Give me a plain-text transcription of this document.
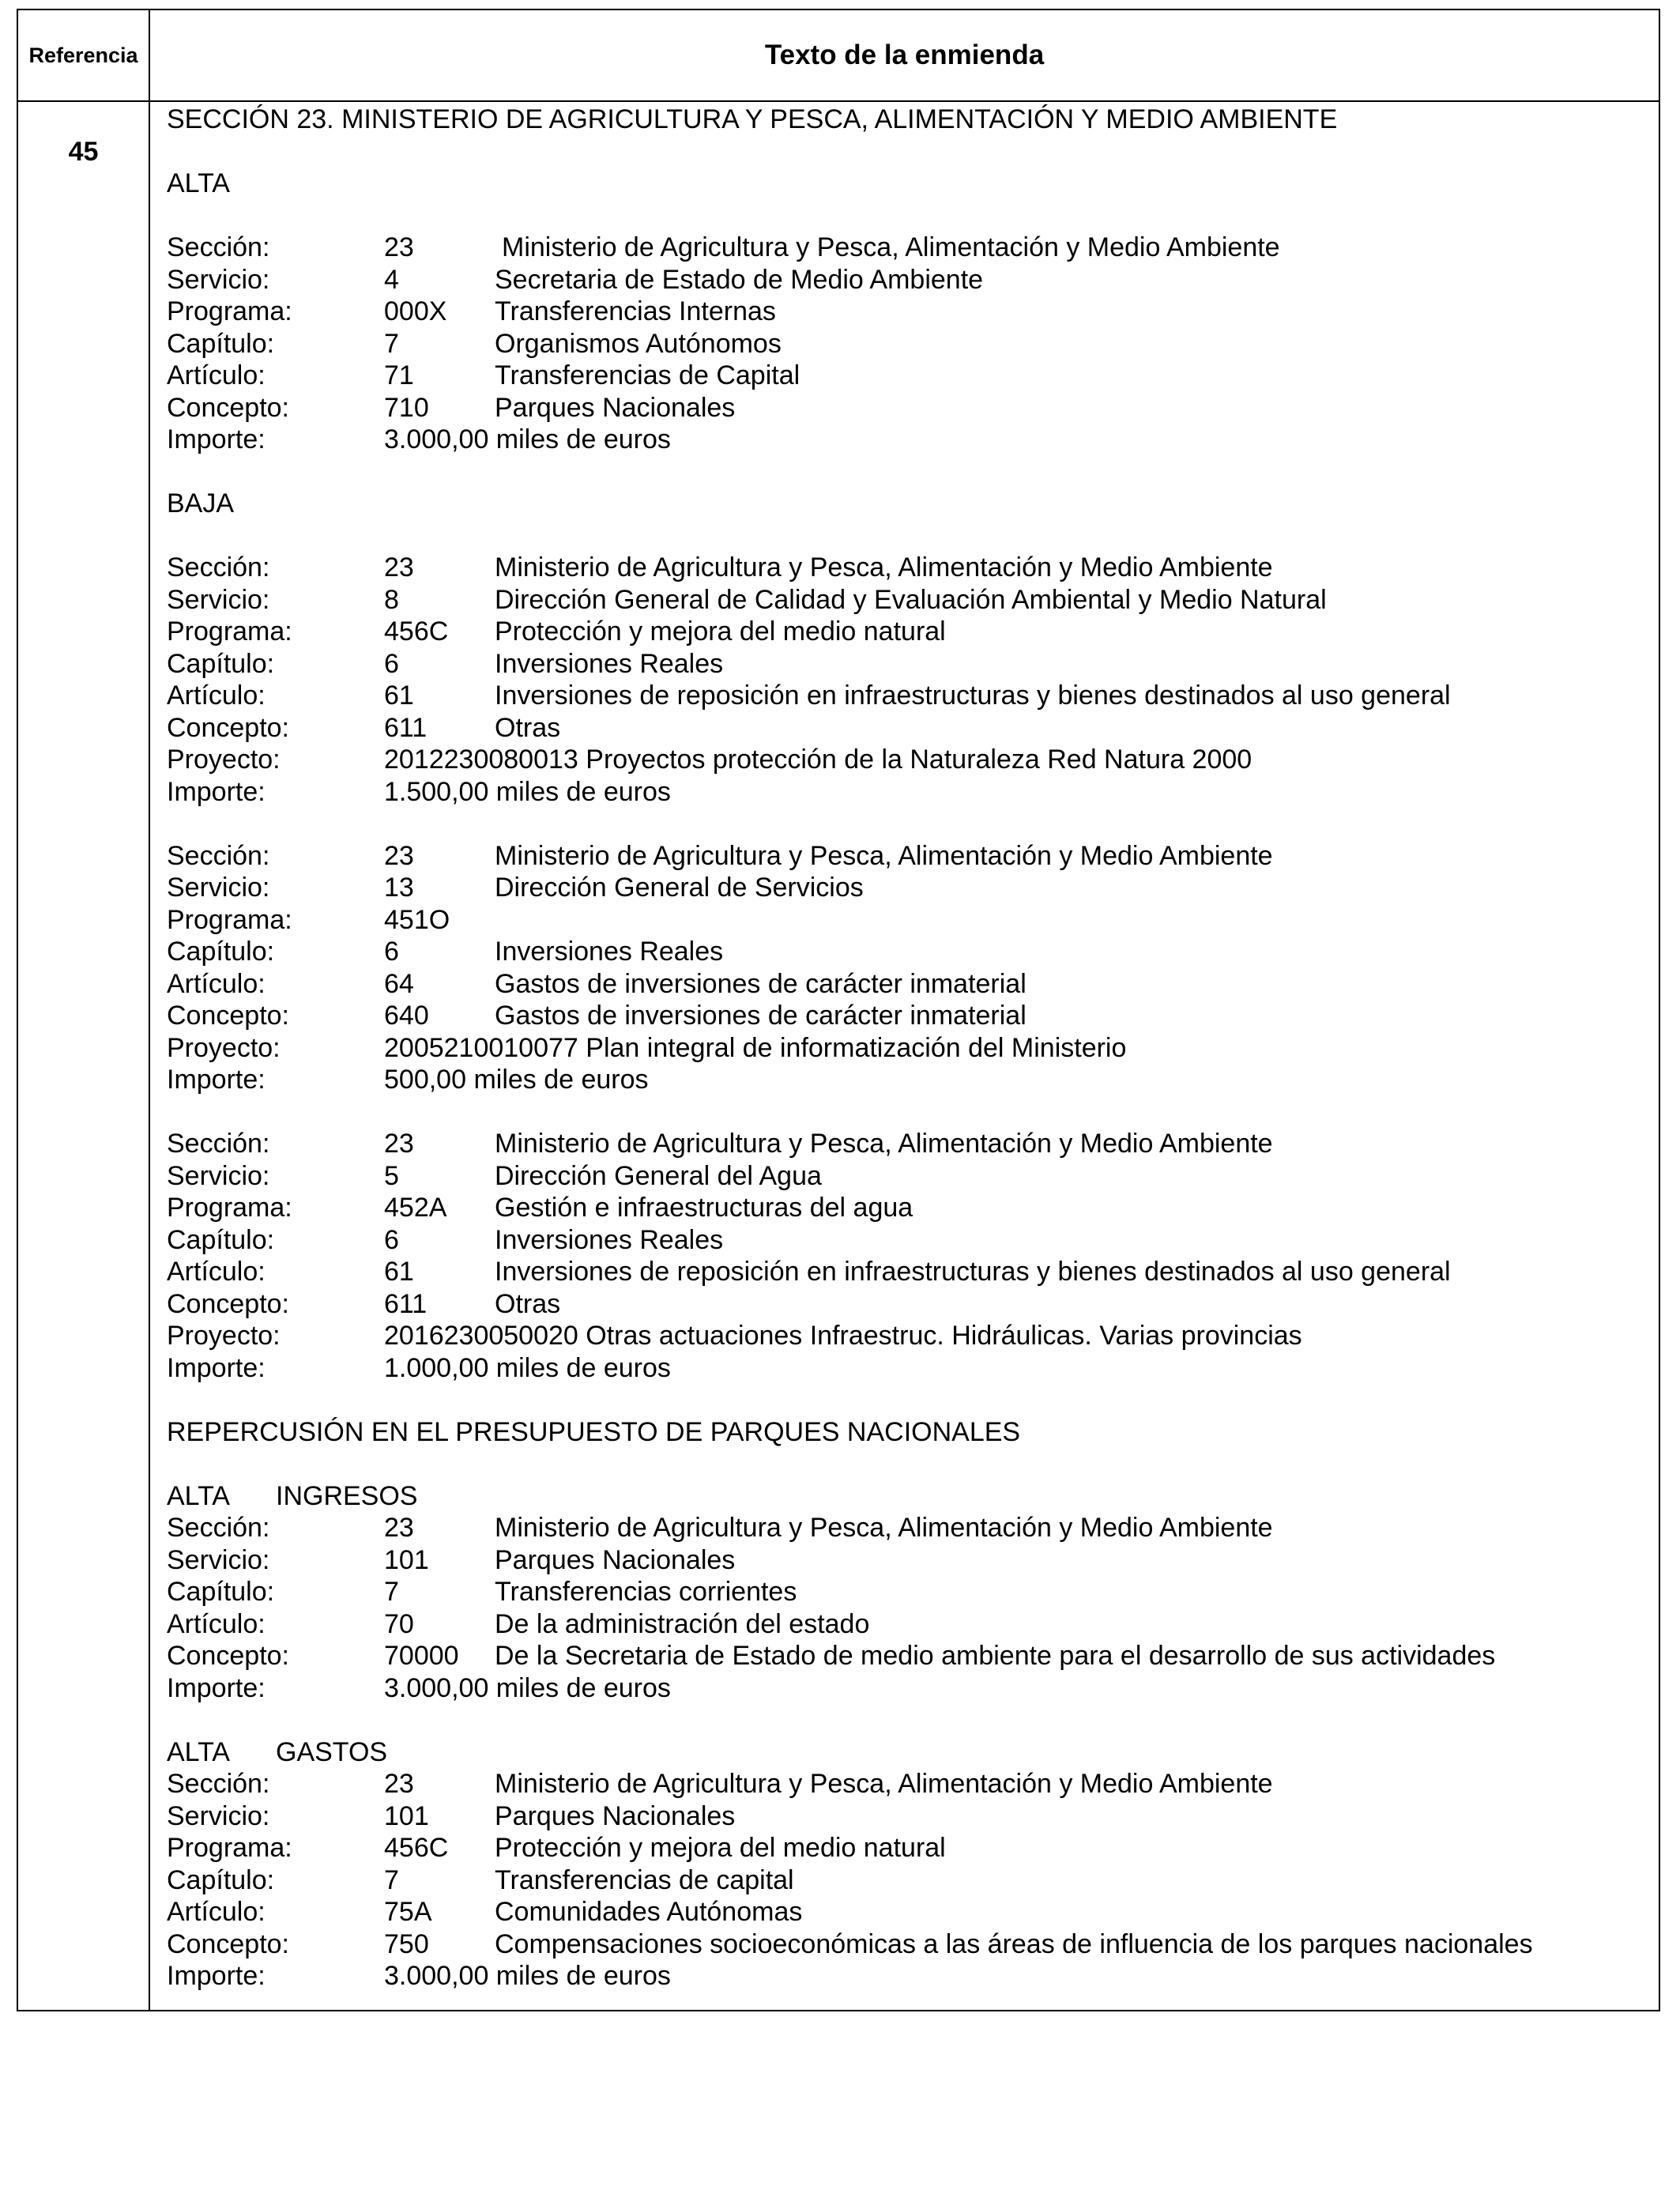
Referencia	Texto de la enmienda
45
SECCIÓN 23. MINISTERIO DE AGRICULTURA Y PESCA, ALIMENTACIÓN Y MEDIO AMBIENTE
ALTA
Sección:	23	Ministerio de Agricultura y Pesca, Alimentación y Medio Ambiente
Servicio:	4	Secretaria de Estado de Medio Ambiente
Programa:	000X Transferencias Internas
Capítulo:	7	Organismos Autónomos
Artículo:	71	Transferencias de Capital
Concepto:	710 Parques Nacionales
Importe:	3.000,00 miles de euros
BAJA
Sección:	23	Ministerio de Agricultura y Pesca, Alimentación y Medio Ambiente
Servicio:	8	Dirección General de Calidad y Evaluación Ambiental y Medio Natural
Programa:	456C Protección y mejora del medio natural
Capítulo:	6	Inversiones Reales
Artículo:	61	Inversiones de reposición en infraestructuras y bienes destinados al uso general
Concepto:	611	Otras
Proyecto:	2012230080013 Proyectos protección de la Naturaleza Red Natura 2000
Importe:	1.500,00 miles de euros
Sección:	23	Ministerio de Agricultura y Pesca, Alimentación y Medio Ambiente
Servicio:	13	Dirección General de Servicios
Programa:	451O
Capítulo:	6	Inversiones Reales
Artículo:	64	Gastos de inversiones de carácter inmaterial
Concepto:	640 Gastos de inversiones de carácter inmaterial
Proyecto:	2005210010077 Plan integral de informatización del Ministerio
Importe:	500,00 miles de euros
Sección:	23	Ministerio de Agricultura y Pesca, Alimentación y Medio Ambiente
Servicio:	5	Dirección General del Agua
Programa:	452A Gestión e infraestructuras del agua
Capítulo:	6	Inversiones Reales
Artículo:	61	Inversiones de reposición en infraestructuras y bienes destinados al uso general
Concepto:	611	Otras
Proyecto:	2016230050020 Otras actuaciones Infraestruc. Hidráulicas. Varias provincias
Importe:	1.000,00 miles de euros
REPERCUSIÓN EN EL PRESUPUESTO DE PARQUES NACIONALES
ALTA INGRESOS
Sección:	23	Ministerio de Agricultura y Pesca, Alimentación y Medio Ambiente
Servicio:	101 Parques Nacionales
Capítulo:	7	Transferencias corrientes
Artículo:	70	De la administración del estado
Concepto:	70000 De la Secretaria de Estado de medio ambiente para el desarrollo de sus actividades
Importe:	3.000,00 miles de euros
ALTA GASTOS
Sección:	23	Ministerio de Agricultura y Pesca, Alimentación y Medio Ambiente
Servicio:	101 Parques Nacionales
Programa:	456C Protección y mejora del medio natural
Capítulo:	7	Transferencias de capital
Artículo:	75A Comunidades Autónomas
Concepto:	750 Compensaciones socioeconómicas a las áreas de influencia de los parques nacionales
Importe:	3.000,00 miles de euros
